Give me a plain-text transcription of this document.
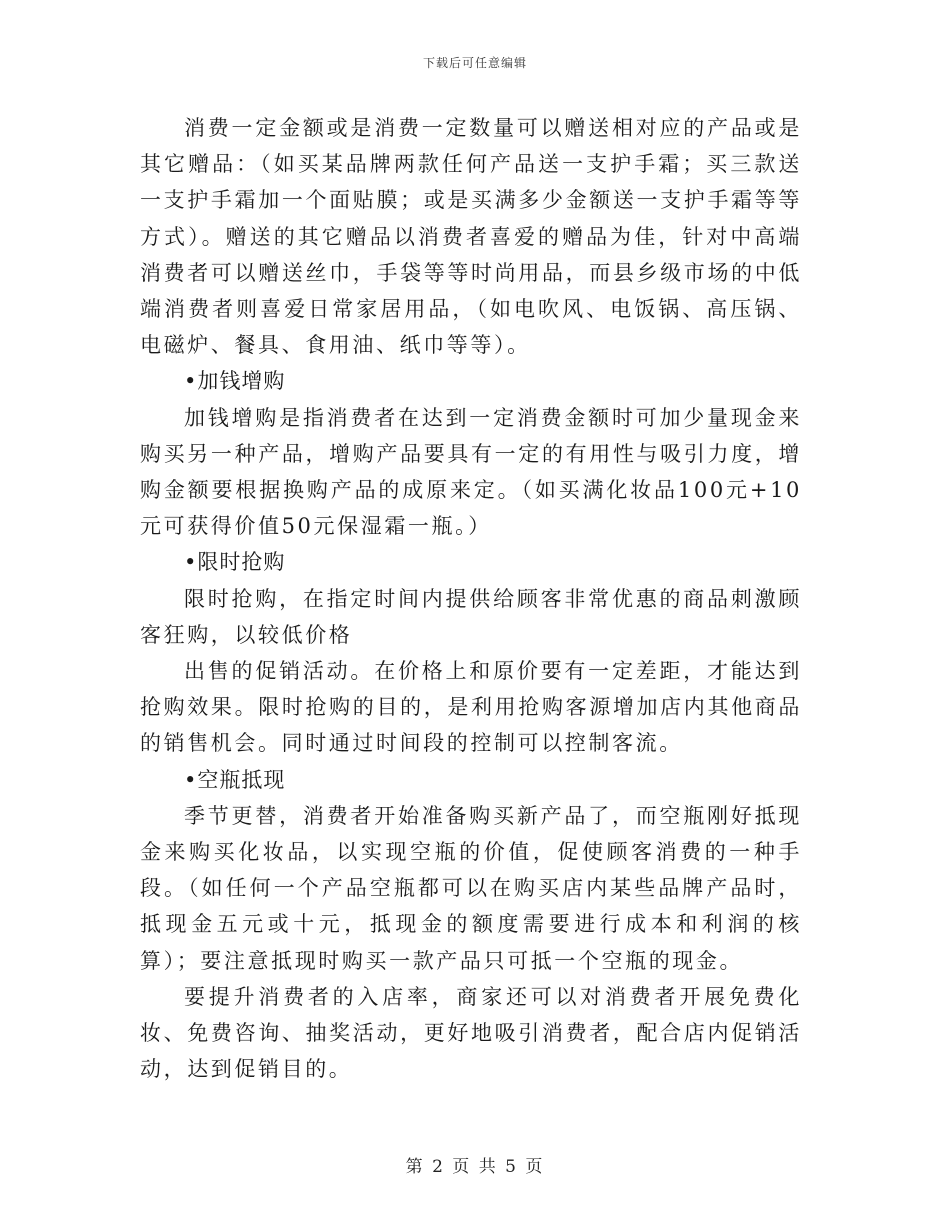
下载后可任意编辑

消费一定金额或是消费一定数量可以赠送相对应的产品或是其它赠品：（如买某品牌两款任何产品送一支护手霜；买三款送一支护手霜加一个面贴膜；或是买满多少金额送一支护手霜等等方式）。赠送的其它赠品以消费者喜爱的赠品为佳，针对中高端消费者可以赠送丝巾，手袋等等时尚用品，而县乡级市场的中低端消费者则喜爱日常家居用品，（如电吹风、电饭锅、高压锅、电磁炉、餐具、食用油、纸巾等等）。

•加钱增购

加钱增购是指消费者在达到一定消费金额时可加少量现金来购买另一种产品，增购产品要具有一定的有用性与吸引力度，增购金额要根据换购产品的成原来定。（如买满化妆品100元+10元可获得价值50元保湿霜一瓶。）

•限时抢购

限时抢购，在指定时间内提供给顾客非常优惠的商品刺激顾客狂购，以较低价格

出售的促销活动。在价格上和原价要有一定差距，才能达到抢购效果。限时抢购的目的，是利用抢购客源增加店内其他商品的销售机会。同时通过时间段的控制可以控制客流。

•空瓶抵现

季节更替，消费者开始准备购买新产品了，而空瓶刚好抵现金来购买化妆品，以实现空瓶的价值，促使顾客消费的一种手段。（如任何一个产品空瓶都可以在购买店内某些品牌产品时，抵现金五元或十元，抵现金的额度需要进行成本和利润的核算）；要注意抵现时购买一款产品只可抵一个空瓶的现金。

要提升消费者的入店率，商家还可以对消费者开展免费化妆、免费咨询、抽奖活动，更好地吸引消费者，配合店内促销活动，达到促销目的。

第 2 页 共 5 页
